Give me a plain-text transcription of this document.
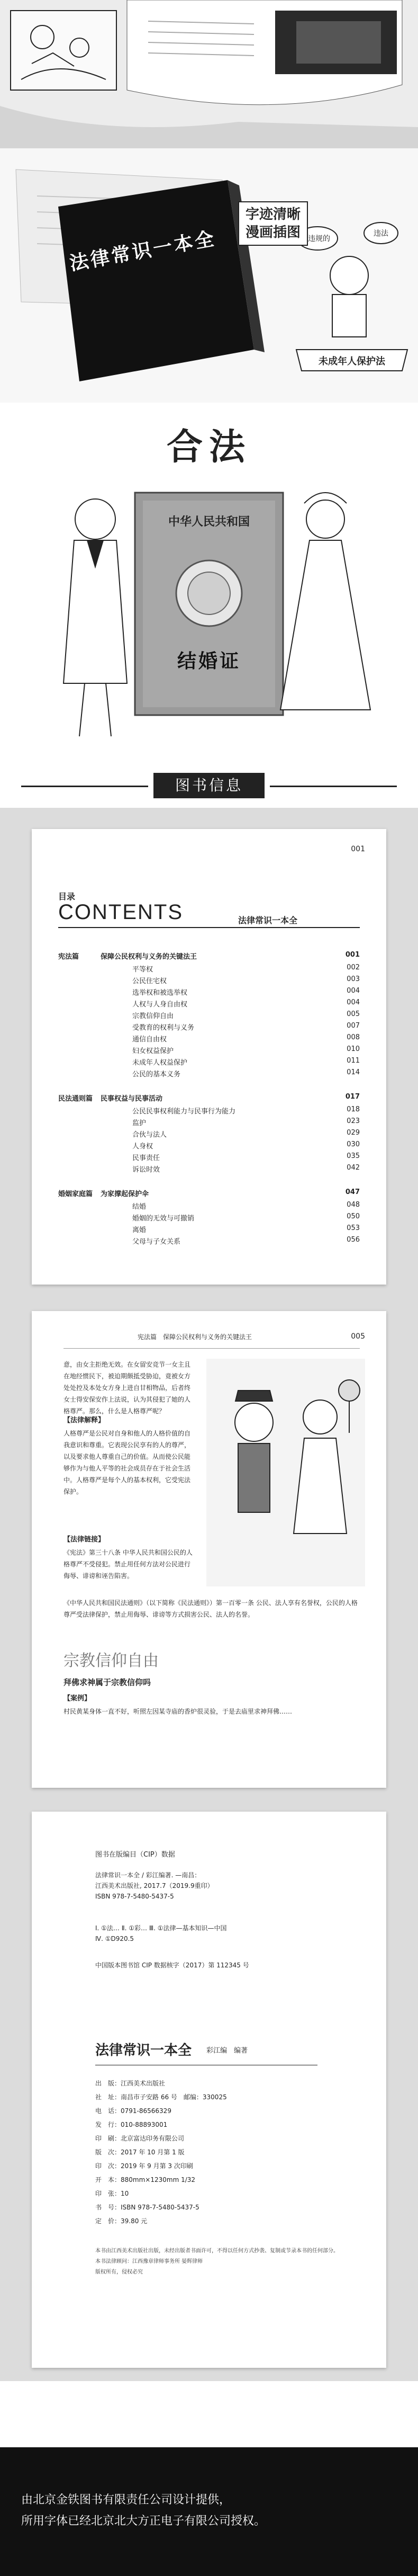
字迹清晰
漫画插图
法律常识一本全	违规的
违法
未成年人保护法
合法
中华人民共和国
结婚证
图书信息
001
目录
CONTENTS	法律常识一本全
宪法篇	保障公民权利与义务的关键法王	001
平等权	002
公民住宅权	003
选举权和被选举权	004
人权与人身自由权	004
宗教信仰自由	005
受教育的权利与义务	007
通信自由权	008
妇女权益保护	010
未成年人权益保护	011
公民的基本义务	014
民法通则篇 民事权益与民事活动	017
公民民事权利能力与民事行为能力	018
监护	023
合伙与法人	029
人身权	030
民事责任	035
诉讼时效	042
婚姻家庭篇 为家撑起保护伞	047
结婚	048
婚姻的无效与可撤销	050
离婚	053
父母与子女关系	056
宪法篇　保障公民权利与义务的关键法王	005
意，由女主拒绝无效。在女留安竞节一女主且在地经惯民下，被迫期颇抵受胁迫，竟被女方处处控及本处女方身上进自甘相物品，后者终女士得安保安作上法说，认为其侵犯了她的人格尊严。那么，什么是人格尊严呢？
【法律解释】
人格尊严是公民对自身和他人的人格价值的自我意识和尊重。它表现公民享有的人的尊严，以及要求他人尊重自己的价值。从而使公民能够作为与他人平等的社会成员存在于社会生活中。人格尊严是每个人的基本权利，它受宪法保护。
【法律链接】
《宪法》第三十八条 中华人民共和国公民的人格尊严不受侵犯。禁止用任何方法对公民进行侮辱、诽谤和诬告陷害。
《中华人民共和国民法通则》（以下简称《民法通则》）第一百零一条 公民、法人享有名誉权，公民的人格尊严受法律保护，禁止用侮辱、诽谤等方式损害公民、法人的名誉。
宗教信仰自由
拜佛求神属于宗教信仰吗
【案例】
村民黄某身体一直不好，听照左因某寺庙的香炉很灵验，于是去庙里求神拜佛……
图书在版编目（CIP）数据
法律常识一本全 / 彩江编著. —南昌：
江西美术出版社, 2017.7（2019.9重印）
ISBN 978-7-5480-5437-5
Ⅰ. ①法… Ⅱ. ①彩… Ⅲ. ①法律—基本知识—中国
Ⅳ. ①D920.5
中国版本图书馆 CIP 数据核字（2017）第 112345 号
法律常识一本全 彩江编　编著
出　版：江西美术出版社
社　址：南昌市子安路 66 号　邮编：330025
电　话：0791-86566329
发　行：010-88893001
印　刷：北京富达印务有限公司
版　次：2017 年 10 月第 1 版
印　次：2019 年 9 月第 3 次印刷
开　本：880mm×1230mm 1/32
印　张：10
书　号：ISBN 978-7-5480-5437-5
定　价：39.80 元
本书由江西美术出版社出版，未经出版者书面许可，不得以任何方式抄袭、复制或节录本书的任何部分。
本书法律顾问：江西豫章律师事务所 晏辉律师
版权所有，侵权必究
由北京金铁图书有限责任公司设计提供，
所用字体已经北京北大方正电子有限公司授权。
